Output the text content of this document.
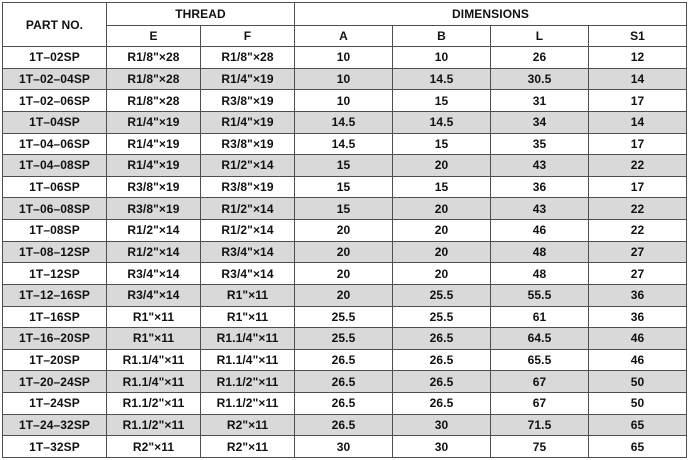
PART NO.	THREAD		DIMENSIONS			
	E	F	A	B	L	S1
1T–02SP	R1/8"×28	R1/8"×28	10	10	26	12
1T–02–04SP	R1/8"×28	R1/4"×19	10	14.5	30.5	14
1T–02–06SP	R1/8"×28	R3/8"×19	10	15	31	17
1T–04SP	R1/4"×19	R1/4"×19	14.5	14.5	34	14
1T–04–06SP	R1/4"×19	R3/8"×19	14.5	15	35	17
1T–04–08SP	R1/4"×19	R1/2"×14	15	20	43	22
1T–06SP	R3/8"×19	R3/8"×19	15	15	36	17
1T–06–08SP	R3/8"×19	R1/2"×14	15	20	43	22
1T–08SP	R1/2"×14	R1/2"×14	20	20	46	22
1T–08–12SP	R1/2"×14	R3/4"×14	20	20	48	27
1T–12SP	R3/4"×14	R3/4"×14	20	20	48	27
1T–12–16SP	R3/4"×14	R1"×11	20	25.5	55.5	36
1T–16SP	R1"×11	R1"×11	25.5	25.5	61	36
1T–16–20SP	R1"×11	R1.1/4"×11	25.5	26.5	64.5	46
1T–20SP	R1.1/4"×11	R1.1/4"×11	26.5	26.5	65.5	46
1T–20–24SP	R1.1/4"×11	R1.1/2"×11	26.5	26.5	67	50
1T–24SP	R1.1/2"×11	R1.1/2"×11	26.5	26.5	67	50
1T–24–32SP	R1.1/2"×11	R2"×11	26.5	30	71.5	65
1T–32SP	R2"×11	R2"×11	30	30	75	65
